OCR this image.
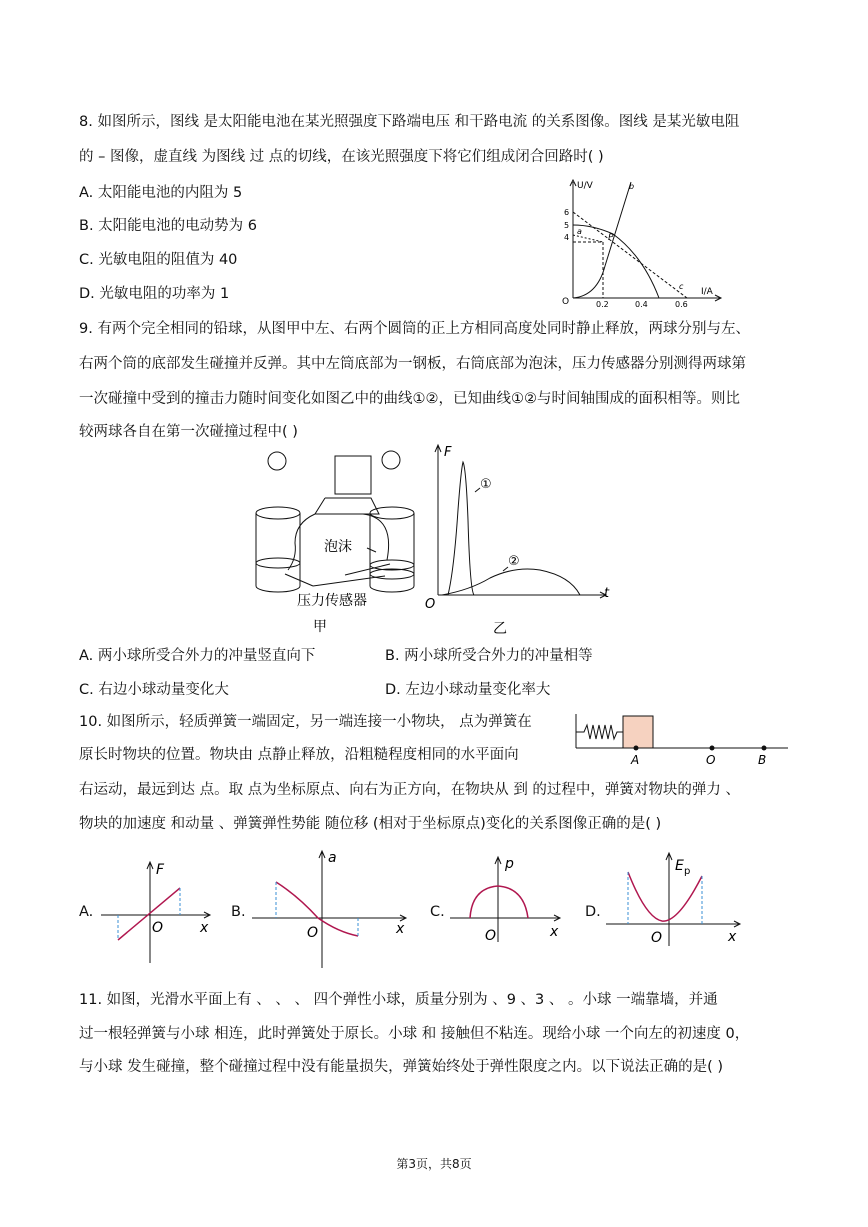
8. 如图所示，图线 是太阳能电池在某光照强度下路端电压 和干路电流 的关系图像。图线 是某光敏电阻
的 – 图像，虚直线 为图线 过 点的切线，在该光照强度下将它们组成闭合回路时( )
A. 太阳能电池的内阻为 5
B. 太阳能电池的电动势为 6
C. 光敏电阻的阻值为 40
D. 光敏电阻的功率为 1
U/V
I/A
O
6
5
4
0.2	0.4	0.6
a
b
c
P
9. 有两个完全相同的铅球，从图甲中左、右两个圆筒的正上方相同高度处同时静止释放，两球分别与左、
右两个筒的底部发生碰撞并反弹。其中左筒底部为一钢板，右筒底部为泡沫，压力传感器分别测得两球第
一次碰撞中受到的撞击力随时间变化如图乙中的曲线①②，已知曲线①②与时间轴围成的面积相等。则比
较两球各自在第一次碰撞过程中( )
泡沫
压力传感器
甲
F
t
O
①
②
乙
A. 两小球所受合外力的冲量竖直向下	B. 两小球所受合外力的冲量相等
C. 右边小球动量变化大	D. 左边小球动量变化率大
10. 如图所示，轻质弹簧一端固定，另一端连接一小物块， 点为弹簧在
原长时物块的位置。物块由 点静止释放，沿粗糙程度相同的水平面向
右运动，最远到达 点。取 点为坐标原点、向右为正方向，在物块从 到 的过程中，弹簧对物块的弹力 、
物块的加速度 和动量 、弹簧弹性势能 随位移 (相对于坐标原点)变化的关系图像正确的是( )
A	O	B
A.
F
x
O
B.
a
x
O
C.
p
x
O
D.
E p
x
O
11. 如图，光滑水平面上有 、 、 、 四个弹性小球，质量分别为 、9 、3 、 。小球 一端靠墙，并通
过一根轻弹簧与小球 相连，此时弹簧处于原长。小球 和 接触但不粘连。现给小球 一个向左的初速度 0，
与小球 发生碰撞，整个碰撞过程中没有能量损失，弹簧始终处于弹性限度之内。以下说法正确的是( )
第3页，共8页
